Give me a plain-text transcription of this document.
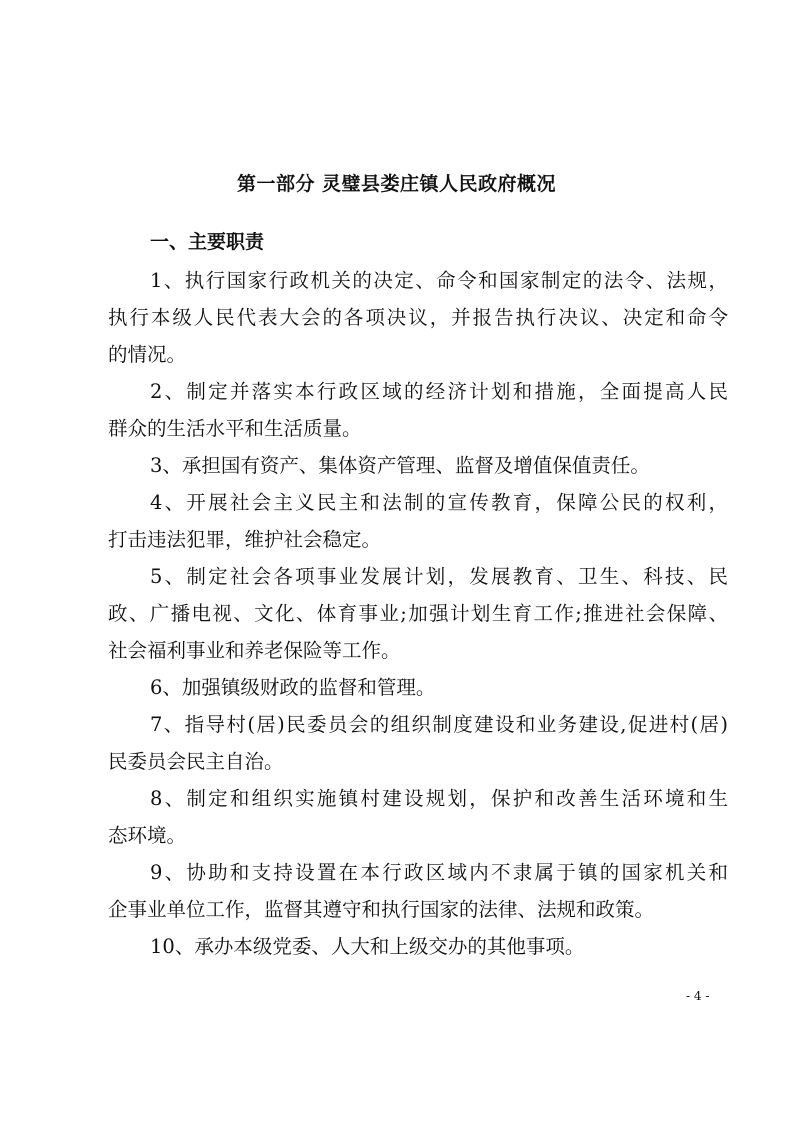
第一部分 灵璧县娄庄镇人民政府概况
一、主要职责
1、执行国家行政机关的决定、命令和国家制定的法令、法规，
执行本级人民代表大会的各项决议，并报告执行决议、决定和命令
的情况。
2、制定并落实本行政区域的经济计划和措施，全面提高人民
群众的生活水平和生活质量。
3、承担国有资产、集体资产管理、监督及增值保值责任。
4、开展社会主义民主和法制的宣传教育，保障公民的权利，
打击违法犯罪，维护社会稳定。
5、制定社会各项事业发展计划，发展教育、卫生、科技、民
政、广播电视、文化、体育事业;加强计划生育工作;推进社会保障、
社会福利事业和养老保险等工作。
6、加强镇级财政的监督和管理。
7、指导村(居)民委员会的组织制度建设和业务建设,促进村(居)
民委员会民主自治。
8、制定和组织实施镇村建设规划，保护和改善生活环境和生
态环境。
9、协助和支持设置在本行政区域内不隶属于镇的国家机关和
企事业单位工作，监督其遵守和执行国家的法律、法规和政策。
10、承办本级党委、人大和上级交办的其他事项。
- 4 -
